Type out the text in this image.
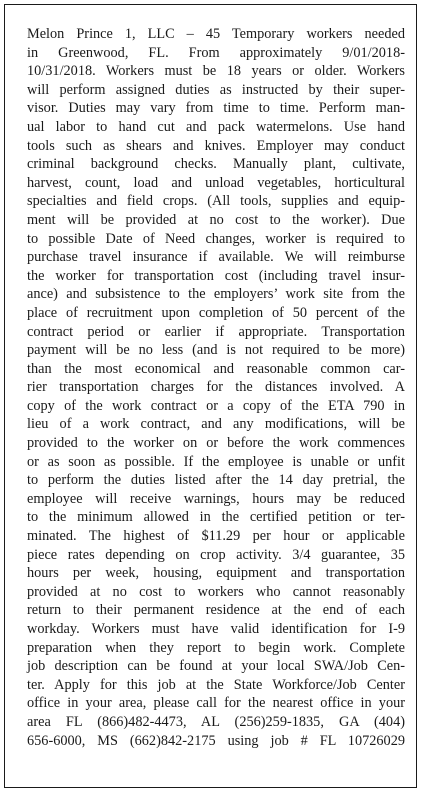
Melon Prince 1, LLC – 45 Temporary workers needed
in Greenwood, FL. From approximately 9/01/2018-
10/31/2018. Workers must be 18 years or older. Workers
will perform assigned duties as instructed by their super-
visor. Duties may vary from time to time. Perform man-
ual labor to hand cut and pack watermelons. Use hand
tools such as shears and knives. Employer may conduct
criminal background checks. Manually plant, cultivate,
harvest, count, load and unload vegetables, horticultural
specialties and field crops. (All tools, supplies and equip-
ment will be provided at no cost to the worker). Due
to possible Date of Need changes, worker is required to
purchase travel insurance if available. We will reimburse
the worker for transportation cost (including travel insur-
ance) and subsistence to the employers’ work site from the
place of recruitment upon completion of 50 percent of the
contract period or earlier if appropriate. Transportation
payment will be no less (and is not required to be more)
than the most economical and reasonable common car-
rier transportation charges for the distances involved. A
copy of the work contract or a copy of the ETA 790 in
lieu of a work contract, and any modifications, will be
provided to the worker on or before the work commences
or as soon as possible. If the employee is unable or unfit
to perform the duties listed after the 14 day pretrial, the
employee will receive warnings, hours may be reduced
to the minimum allowed in the certified petition or ter-
minated. The highest of $11.29 per hour or applicable
piece rates depending on crop activity. 3/4 guarantee, 35
hours per week, housing, equipment and transportation
provided at no cost to workers who cannot reasonably
return to their permanent residence at the end of each
workday. Workers must have valid identification for I-9
preparation when they report to begin work. Complete
job description can be found at your local SWA/Job Cen-
ter. Apply for this job at the State Workforce/Job Center
office in your area, please call for the nearest office in your
area FL (866)482-4473, AL (256)259-1835, GA (404)
656-6000, MS (662)842-2175 using job # FL 10726029
